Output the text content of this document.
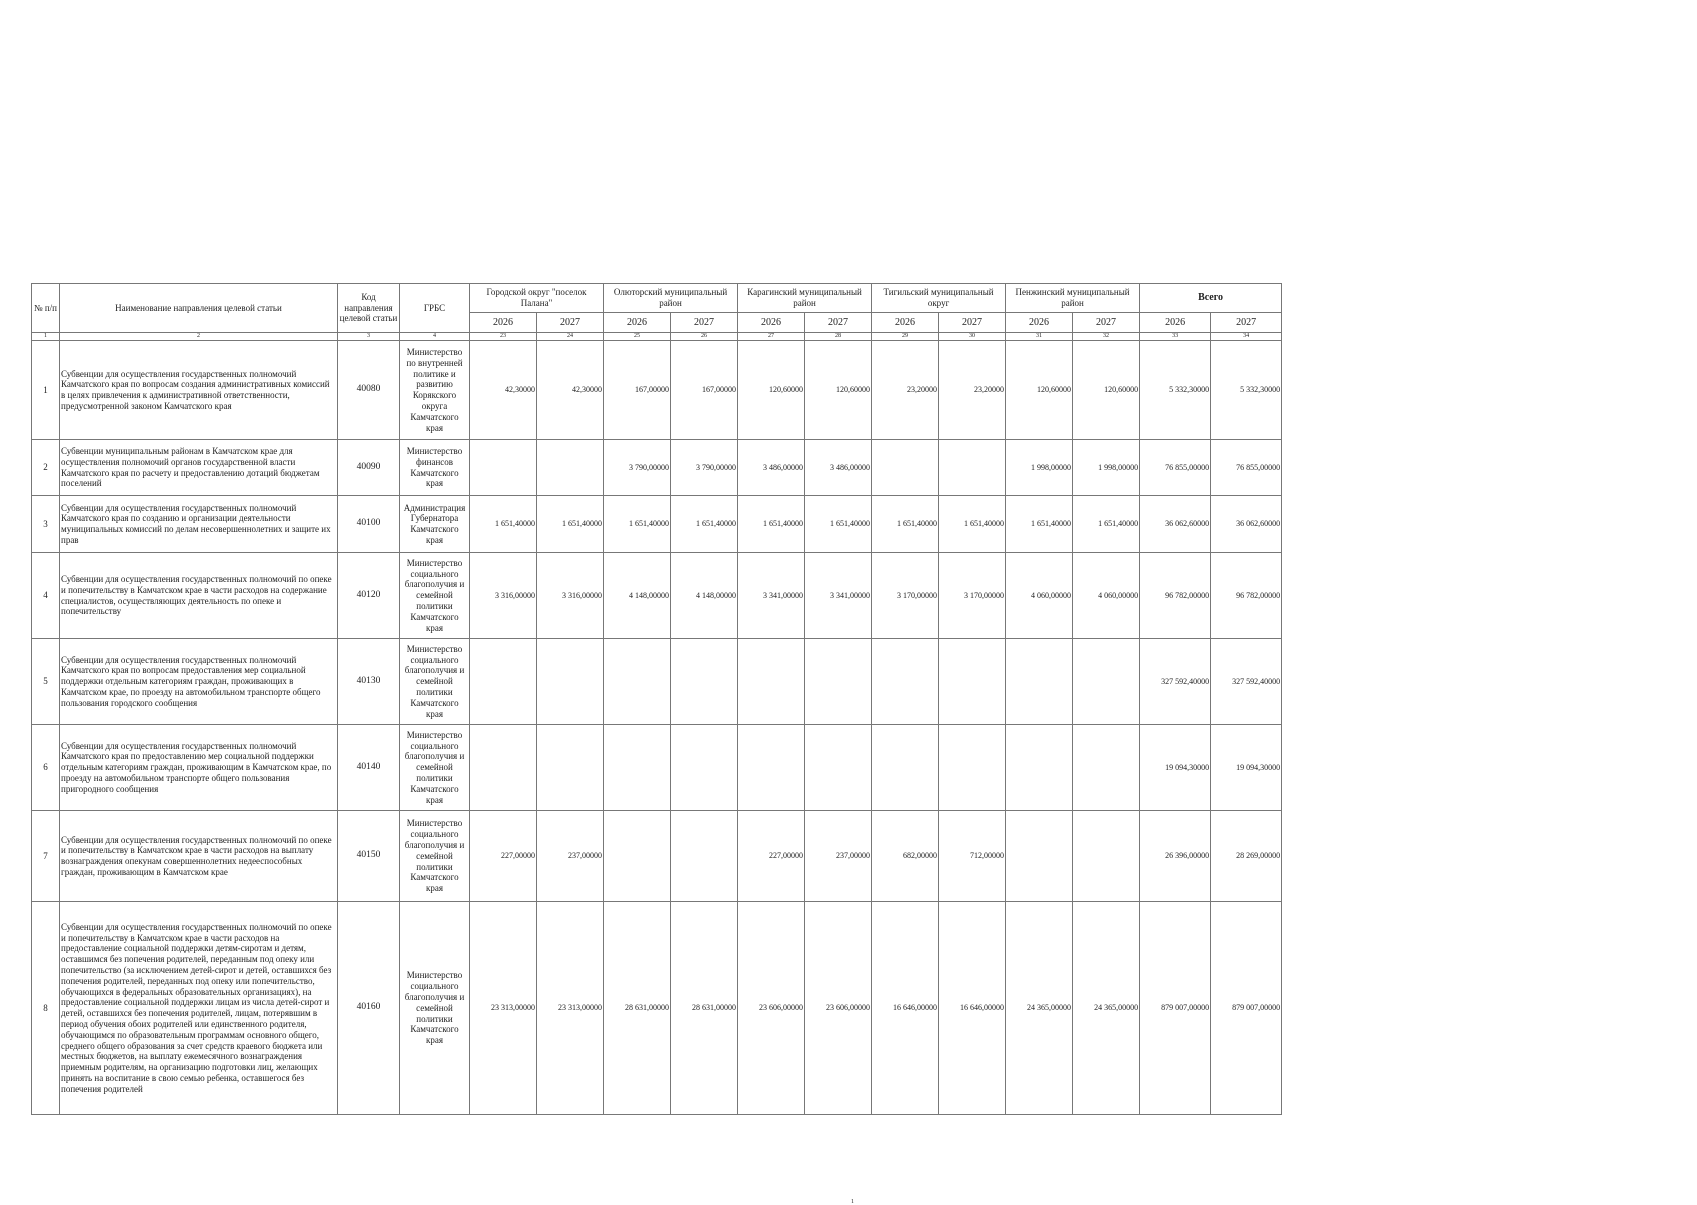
№ п/п	Наименование направления целевой статьи	Код направления целевой статьи	ГРБС	Городской округ "поселок Палана"		Олюторский муниципальный район		Карагинский муниципальный район		Тигильский муниципальный округ		Пенжинский муниципальный район		Всего	
				2026	2027	2026	2027	2026	2027	2026	2027	2026	2027	2026	2027
1	2	3	4	23	24	25	26	27	28	29	30	31	32	33	34
1	Субвенции для осуществления государственных полномочий Камчатского края по вопросам создания административных комиссий в целях привлечения к административной ответственности, предусмотренной законом Камчатского края	40080	Министерство по внутренней политике и развитию Корякского округа Камчатского края	42,30000	42,30000	167,00000	167,00000	120,60000	120,60000	23,20000	23,20000	120,60000	120,60000	5 332,30000	5 332,30000
2	Субвенции муниципальным районам в Камчатском крае для осуществления полномочий органов государственной власти Камчатского края по расчету и предоставлению дотаций бюджетам поселений	40090	Министерство финансов Камчатского края			3 790,00000	3 790,00000	3 486,00000	3 486,00000			1 998,00000	1 998,00000	76 855,00000	76 855,00000
3	Субвенции для осуществления государственных полномочий Камчатского края по созданию и организации деятельности муниципальных комиссий по делам несовершеннолетних и защите их прав	40100	Администрация Губернатора Камчатского края	1 651,40000	1 651,40000	1 651,40000	1 651,40000	1 651,40000	1 651,40000	1 651,40000	1 651,40000	1 651,40000	1 651,40000	36 062,60000	36 062,60000
4	Субвенции для осуществления государственных полномочий по опеке и попечительству в Камчатском крае в части расходов на содержание специалистов, осуществляющих деятельность по опеке и попечительству	40120	Министерство социального благополучия и семейной политики Камчатского края	3 316,00000	3 316,00000	4 148,00000	4 148,00000	3 341,00000	3 341,00000	3 170,00000	3 170,00000	4 060,00000	4 060,00000	96 782,00000	96 782,00000
5	Субвенции для осуществления государственных полномочий Камчатского края по вопросам предоставления мер социальной поддержки отдельным категориям граждан, проживающих в Камчатском крае, по проезду на автомобильном транспорте общего пользования городского сообщения	40130	Министерство социального благополучия и семейной политики Камчатского края											327 592,40000	327 592,40000
6	Субвенции для осуществления государственных полномочий Камчатского края по предоставлению мер социальной поддержки отдельным категориям граждан, проживающим в Камчатском крае, по проезду на автомобильном транспорте общего пользования пригородного сообщения	40140	Министерство социального благополучия и семейной политики Камчатского края											19 094,30000	19 094,30000
7	Субвенции для осуществления государственных полномочий по опеке и попечительству в Камчатском крае в части расходов на выплату вознаграждения опекунам совершеннолетних недееспособных граждан, проживающим в Камчатском крае	40150	Министерство социального благополучия и семейной политики Камчатского края	227,00000	237,00000			227,00000	237,00000	682,00000	712,00000			26 396,00000	28 269,00000
8	Субвенции для осуществления государственных полномочий по опеке и попечительству в Камчатском крае в части расходов на предоставление социальной поддержки детям-сиротам и детям, оставшимся без попечения родителей, переданным под опеку или попечительство (за исключением детей-сирот и детей, оставшихся без попечения родителей, переданных под опеку или попечительство, обучающихся в федеральных образовательных организациях), на предоставление социальной поддержки лицам из числа детей-сирот и детей, оставшихся без попечения родителей, лицам, потерявшим в период обучения обоих родителей или единственного родителя, обучающимся по образовательным программам основного общего, среднего общего образования за счет средств краевого бюджета или местных бюджетов, на выплату ежемесячного вознаграждения приемным родителям, на организацию подготовки лиц, желающих принять на воспитание в свою семью ребенка, оставшегося без попечения родителей	40160	Министерство социального благополучия и семейной политики Камчатского края	23 313,00000	23 313,00000	28 631,00000	28 631,00000	23 606,00000	23 606,00000	16 646,00000	16 646,00000	24 365,00000	24 365,00000	879 007,00000	879 007,00000
1
